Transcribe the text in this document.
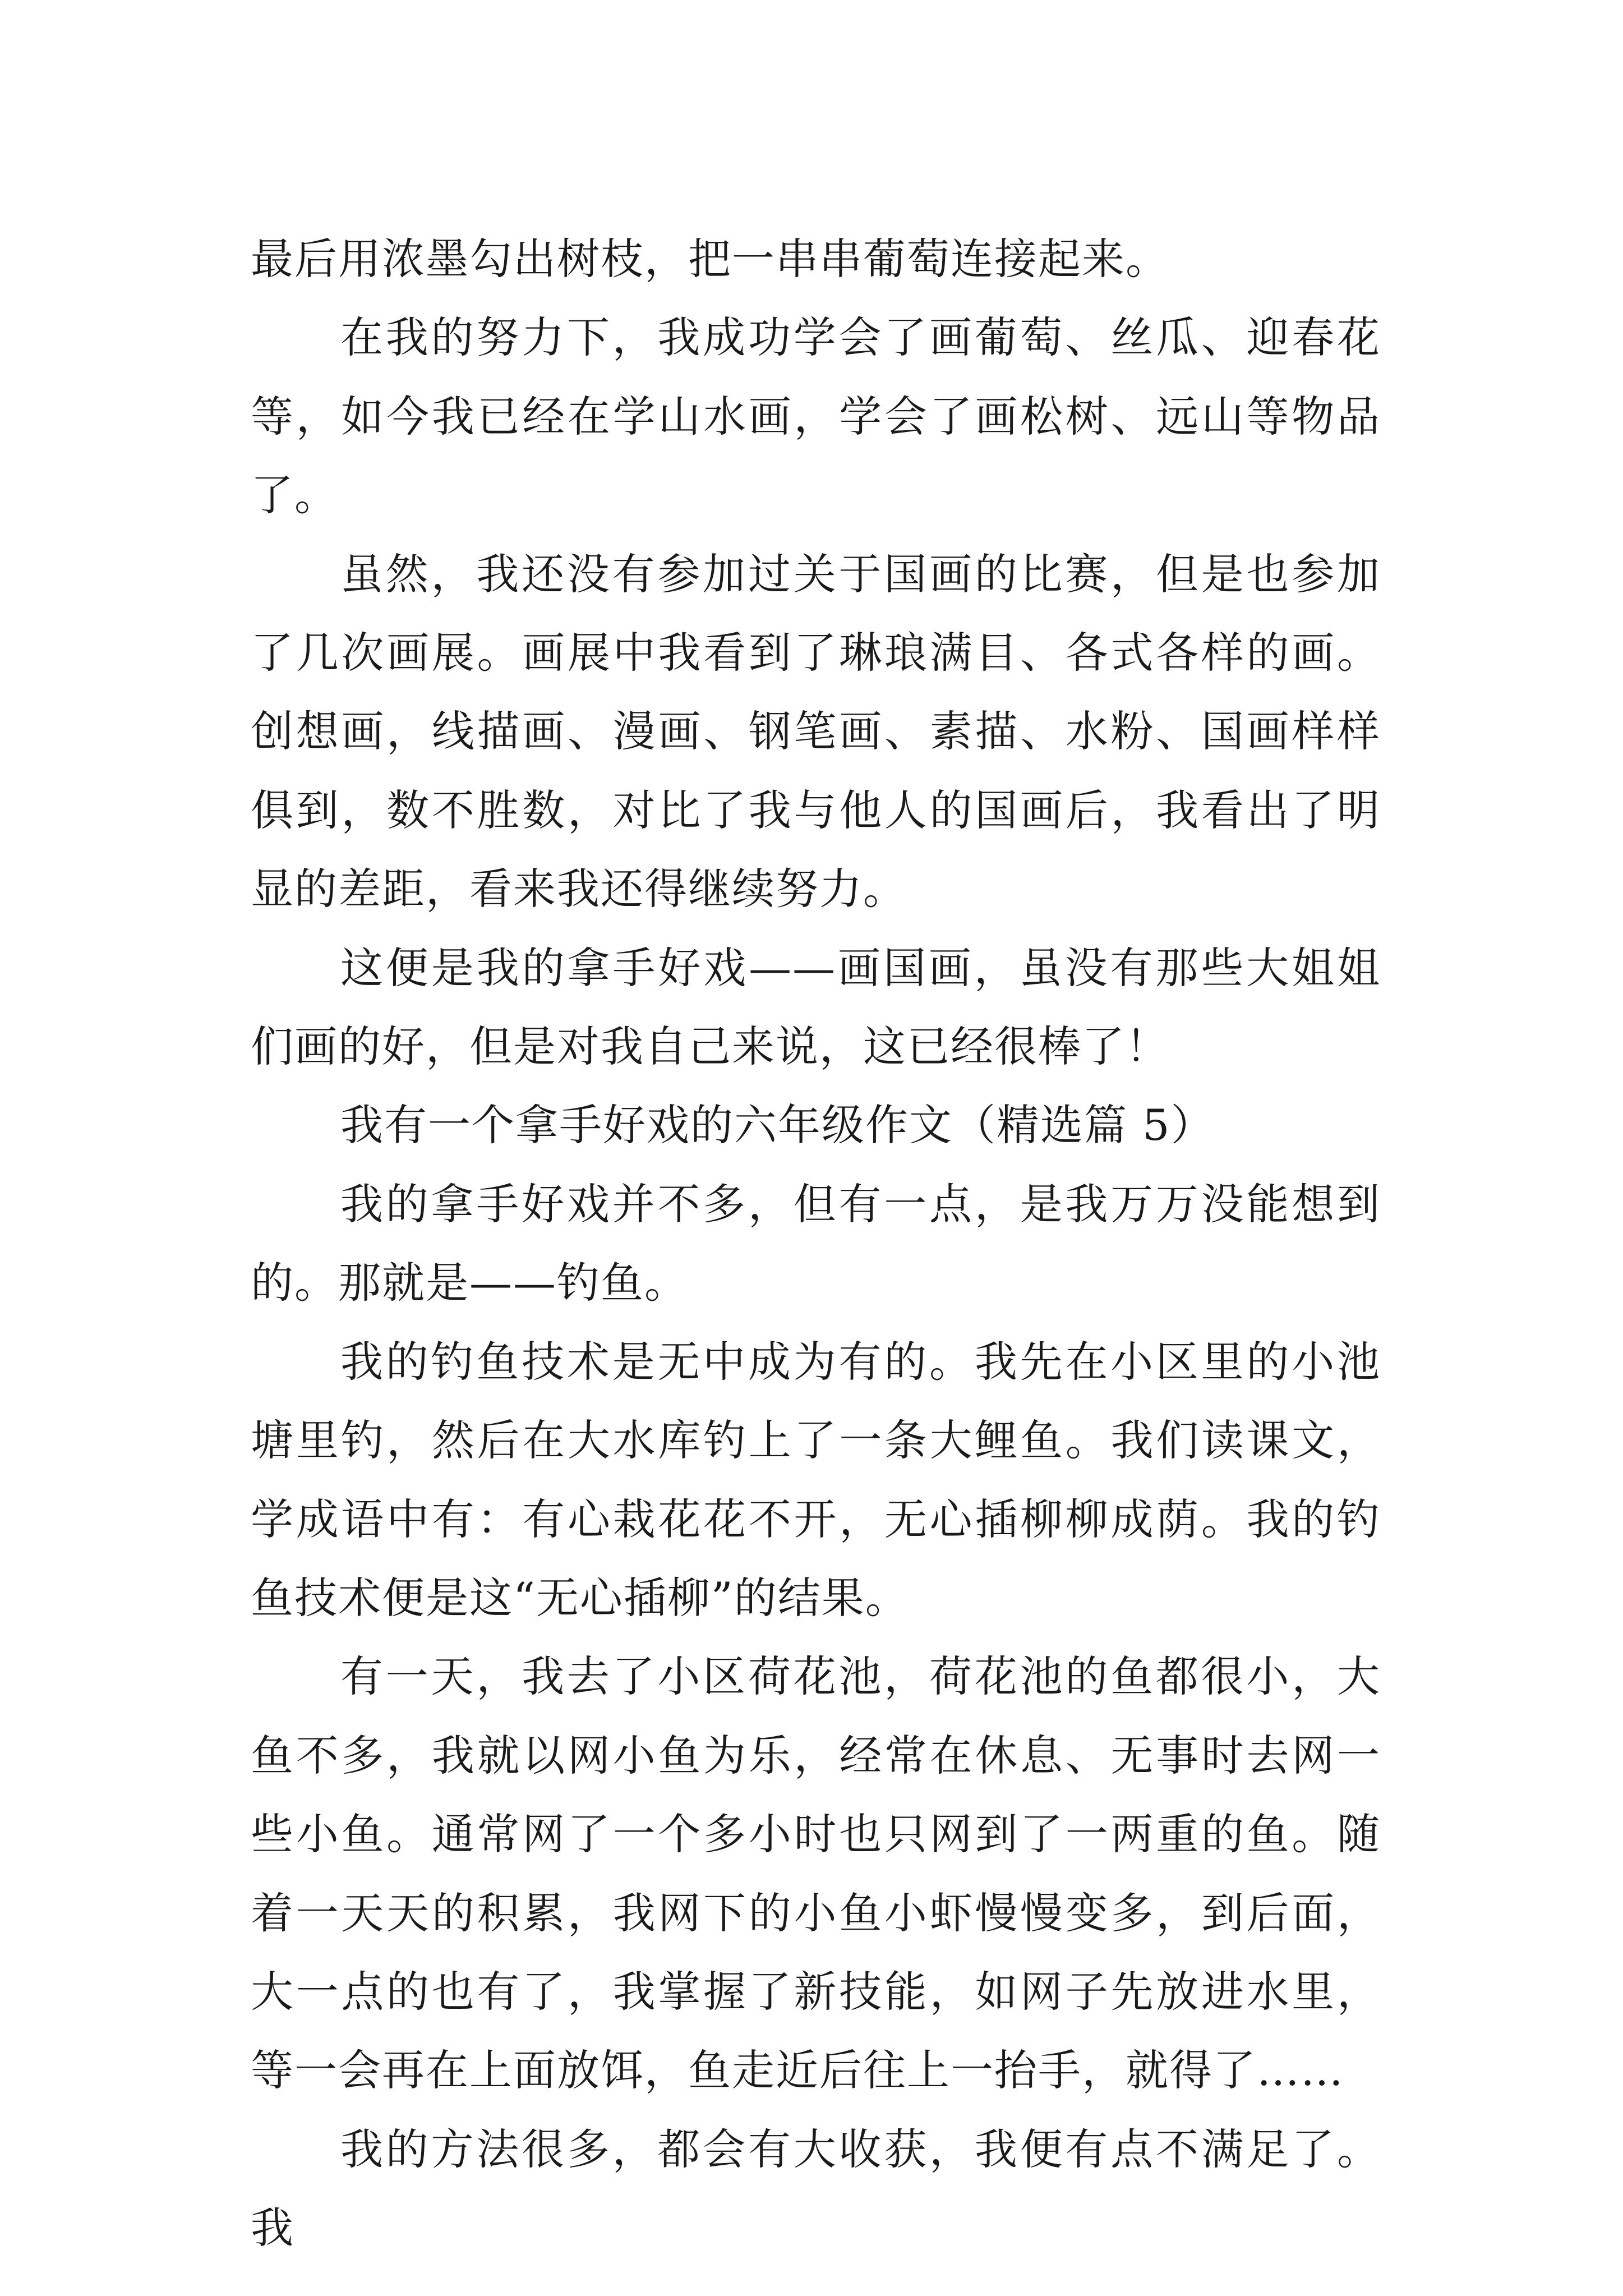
最后用浓墨勾出树枝，把一串串葡萄连接起来。

在我的努力下，我成功学会了画葡萄、丝瓜、迎春花等，如今我已经在学山水画，学会了画松树、远山等物品了。

虽然，我还没有参加过关于国画的比赛，但是也参加了几次画展。画展中我看到了琳琅满目、各式各样的画。创想画，线描画、漫画、钢笔画、素描、水粉、国画样样俱到，数不胜数，对比了我与他人的国画后，我看出了明显的差距，看来我还得继续努力。

这便是我的拿手好戏——画国画，虽没有那些大姐姐们画的好，但是对我自己来说，这已经很棒了！

我有一个拿手好戏的六年级作文（精选篇 5）

我的拿手好戏并不多，但有一点，是我万万没能想到的。那就是——钓鱼。

我的钓鱼技术是无中成为有的。我先在小区里的小池塘里钓，然后在大水库钓上了一条大鲤鱼。我们读课文，学成语中有：有心栽花花不开，无心插柳柳成荫。我的钓鱼技术便是这“无心插柳”的结果。

有一天，我去了小区荷花池，荷花池的鱼都很小，大鱼不多，我就以网小鱼为乐，经常在休息、无事时去网一些小鱼。通常网了一个多小时也只网到了一两重的鱼。随着一天天的积累，我网下的小鱼小虾慢慢变多，到后面，大一点的也有了，我掌握了新技能，如网子先放进水里，等一会再在上面放饵，鱼走近后往上一抬手，就得了……

我的方法很多，都会有大收获，我便有点不满足了。我
